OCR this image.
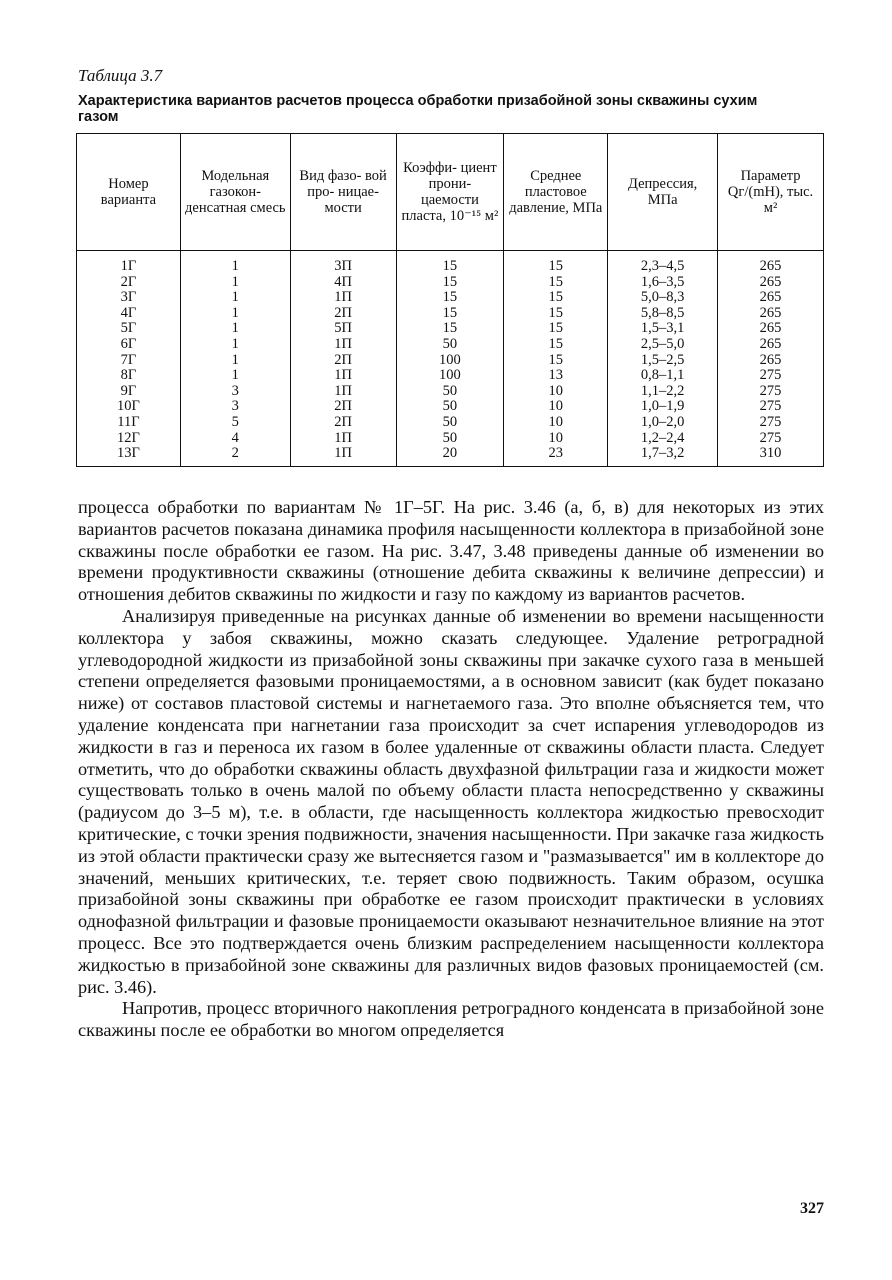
Таблица 3.7
Характеристика вариантов расчетов процесса обработки призабойной зоны скважины сухим газом
Номер варианта	Модельная газокон- денсатная смесь	Вид фазо- вой про- ницае- мости	Коэффи- циент прони- цаемости пласта, 10⁻¹⁵ м²	Среднее пластовое давление, МПа	Депрессия, МПа	Параметр Qг/(mH), тыс. м²
1Г	1	3П	15	15	2,3–4,5	265
2Г	1	4П	15	15	1,6–3,5	265
3Г	1	1П	15	15	5,0–8,3	265
4Г	1	2П	15	15	5,8–8,5	265
5Г	1	5П	15	15	1,5–3,1	265
6Г	1	1П	50	15	2,5–5,0	265
7Г	1	2П	100	15	1,5–2,5	265
8Г	1	1П	100	13	0,8–1,1	275
9Г	3	1П	50	10	1,1–2,2	275
10Г	3	2П	50	10	1,0–1,9	275
11Г	5	2П	50	10	1,0–2,0	275
12Г	4	1П	50	10	1,2–2,4	275
13Г	2	1П	20	23	1,7–3,2	310

процесса обработки по вариантам № 1Г–5Г. На рис. 3.46 (а, б, в) для некоторых из этих вариантов расчетов показана динамика профиля насыщенности коллектора в призабойной зоне скважины после обработки ее газом. На рис. 3.47, 3.48 приведены данные об изменении во времени продуктивности скважины (отношение дебита скважины к величине депрессии) и отношения дебитов скважины по жидкости и газу по каждому из вариантов расчетов.

Анализируя приведенные на рисунках данные об изменении во времени насыщенности коллектора у забоя скважины, можно сказать следующее. Удаление ретроградной углеводородной жидкости из призабойной зоны скважины при закачке сухого газа в меньшей степени определяется фазовыми проницаемостями, а в основном зависит (как будет показано ниже) от составов пластовой системы и нагнетаемого газа. Это вполне объясняется тем, что удаление конденсата при нагнетании газа происходит за счет испарения углеводородов из жидкости в газ и переноса их газом в более удаленные от скважины области пласта. Следует отметить, что до обработки скважины область двухфазной фильтрации газа и жидкости может существовать только в очень малой по объему области пласта непосредственно у скважины (радиусом до 3–5 м), т.е. в области, где насыщенность коллектора жидкостью превосходит критические, с точки зрения подвижности, значения насыщенности. При закачке газа жидкость из этой области практически сразу же вытесняется газом и "размазывается" им в коллекторе до значений, меньших критических, т.е. теряет свою подвижность. Таким образом, осушка призабойной зоны скважины при обработке ее газом происходит практически в условиях однофазной фильтрации и фазовые проницаемости оказывают незначительное влияние на этот процесс. Все это подтверждается очень близким распределением насыщенности коллектора жидкостью в призабойной зоне скважины для различных видов фазовых проницаемостей (см. рис. 3.46).

Напротив, процесс вторичного накопления ретроградного конденсата в призабойной зоне скважины после ее обработки во многом определяется

327
